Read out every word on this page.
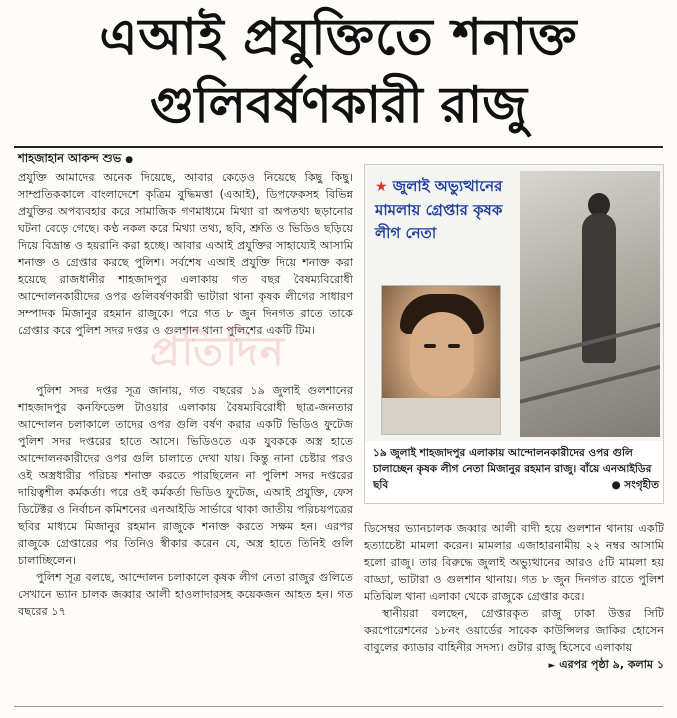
এআই প্রযুক্তিতে শনাক্ত
গুলিবর্ষণকারী রাজু
শাহজাহান আকন্দ শুভ ●

প্রযুক্তি আমাদের অনেক দিয়েছে, আবার কেড়েও নিয়েছে কিছু কিছু। সাম্প্রতিককালে বাংলাদেশে কৃত্রিম বুদ্ধিমত্তা (এআই), ডিপফেকসহ বিভিন্ন প্রযুক্তির অপব্যবহার করে সামাজিক গণমাধ্যমে মিথ্যা বা অপতথ্য ছড়ানোর ঘটনা বেড়ে গেছে। কণ্ঠ নকল করে মিথ্যা তথ্য, ছবি, শ্রুতি ও ভিডিও ছড়িয়ে দিয়ে বিভ্রান্ত ও হয়রানি করা হচ্ছে। আবার এআই প্রযুক্তির সাহায্যেই আসামি শনাক্ত ও গ্রেপ্তার করছে পুলিশ। সর্বশেষ এআই প্রযুক্তি দিয়ে শনাক্ত করা হয়েছে রাজধানীর শাহজাদপুর এলাকায় গত বছর বৈষম্যবিরোধী আন্দোলনকারীদের ওপর গুলিবর্ষণকারী ভাটারা থানা কৃষক লীগের সাধারণ সম্পাদক মিজানুর রহমান রাজুকে। পরে গত ৮ জুন দিনগত রাতে তাকে গ্রেপ্তার করে পুলিশ সদর দপ্তর ও গুলশান থানা পুলিশের একটি টিম।

★ জুলাই অভ্যুত্থানের মামলায় গ্রেপ্তার কৃষক লীগ নেতা
১৯ জুলাই শাহজাদপুর এলাকায় আন্দোলনকারীদের ওপর গুলি চালাচ্ছেন কৃষক লীগ নেতা মিজানুর রহমান রাজু। বাঁয়ে এনআইডির ছবি	● সংগৃহীত

পুলিশ সদর দপ্তর সূত্র জানায়, গত বছরের ১৯ জুলাই গুলশানের শাহজাদপুর কনফিডেন্স টাওয়ার এলাকায় বৈষম্যবিরোধী ছাত্র-জনতার আন্দোলন চলাকালে তাদের ওপর গুলি বর্ষণ করার একটি ভিডিও ফুটেজ পুলিশ সদর দপ্তরের হাতে আসে। ভিডিওতে এক যুবককে অস্ত্র হাতে আন্দোলনকারীদের ওপর গুলি চালাতে দেখা যায়। কিন্তু নানা চেষ্টার পরও ওই অস্ত্রধারীর পরিচয় শনাক্ত করতে পারছিলেন না পুলিশ সদর দপ্তরের দায়িত্বশীল কর্মকর্তা। পরে ওই কর্মকর্তা ভিডিও ফুটেজ, এআই প্রযুক্তি, ফেস ডিটেক্টর ও নির্বাচন কমিশনের এনআইডি সার্ভারে থাকা জাতীয় পরিচয়পত্রের ছবির মাধ্যমে মিজানুর রহমান রাজুকে শনাক্ত করতে সক্ষম হন। এরপর রাজুকে গ্রেপ্তারের পর তিনিও স্বীকার করেন যে, অস্ত্র হাতে তিনিই গুলি চালাচ্ছিলেন।

পুলিশ সূত্র বলছে, আন্দোলন চলাকালে কৃষক লীগ নেতা রাজুর গুলিতে সেখানে ভ্যান চালক জব্বার আলী হাওলাদারসহ কয়েকজন আহত হন। গত বছরের ১৭

ডিসেম্বর ভ্যানচালক জব্বার আলী বাদী হয়ে গুলশান থানায় একটি হত্যাচেষ্টা মামলা করেন। মামলার এজাহারনামীয় ২২ নম্বর আসামি হলো রাজু। তার বিরুদ্ধে জুলাই অভ্যুত্থানের আরও ৫টি মামলা হয় বাড্ডা, ভাটারা ও গুলশান থানায়। গত ৮ জুন দিনগত রাতে পুলিশ মতিঝিল থানা এলাকা থেকে রাজুকে গ্রেপ্তার করে।

স্থানীয়রা বলছেন, গ্রেপ্তারকৃত রাজু ঢাকা উত্তর সিটি করপোরেশনের ১৮নং ওয়ার্ডের সাবেক কাউন্সিলর জাকির হোসেন বাবুলের ক্যাডার বাহিনীর সদস্য। গুটার রাজু হিসেবে এলাকায়

► এরপর পৃষ্ঠা ৯, কলাম ১
প্রতিদিন
